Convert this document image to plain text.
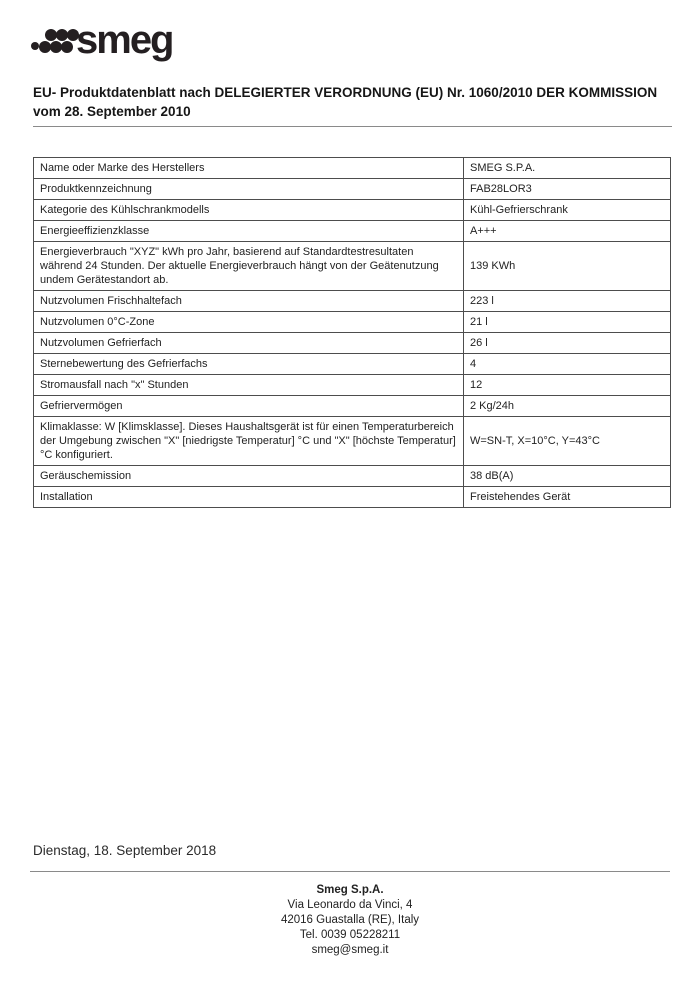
smeg
EU- Produktdatenblatt nach DELEGIERTER VERORDNUNG (EU) Nr. 1060/2010 DER KOMMISSION vom 28. September 2010
Name oder Marke des Herstellers	SMEG S.P.A.
Produktkennzeichnung	FAB28LOR3
Kategorie des Kühlschrankmodells	Kühl-Gefrierschrank
Energieeffizienzklasse	A+++
Energieverbrauch "XYZ" kWh pro Jahr, basierend auf Standardtestresultaten während 24 Stunden. Der aktuelle Energieverbrauch hängt von der Geätenutzung undem Gerätestandort ab.	139 KWh
Nutzvolumen Frischhaltefach	223 l
Nutzvolumen 0°C-Zone	21 l
Nutzvolumen Gefrierfach	26 l
Sternebewertung des Gefrierfachs	4
Stromausfall nach "x" Stunden	12
Gefriervermögen	2 Kg/24h
Klimaklasse: W [Klimsklasse]. Dieses Haushaltsgerät ist für einen Temperaturbereich der Umgebung zwischen "X" [niedrigste Temperatur] °C und "X" [höchste Temperatur] °C konfiguriert.	W=SN-T, X=10°C, Y=43°C
Geräuschemission	38 dB(A)
Installation	Freistehendes Gerät
Dienstag, 18. September 2018
Smeg S.p.A.
Via Leonardo da Vinci, 4
42016 Guastalla (RE), Italy
Tel. 0039 05228211
smeg@smeg.it
